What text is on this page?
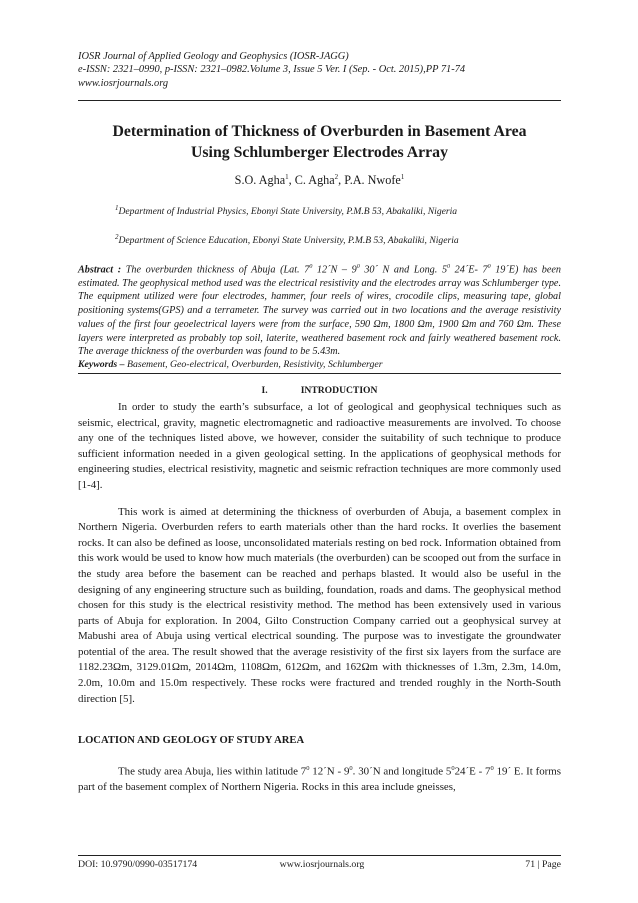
IOSR Journal of Applied Geology and Geophysics (IOSR-JAGG)
e-ISSN: 2321–0990, p-ISSN: 2321–0982.Volume 3, Issue 5 Ver. I (Sep. - Oct. 2015),PP 71-74
www.iosrjournals.org
Determination of Thickness of Overburden in Basement Area
Using Schlumberger Electrodes Array
S.O. Agha$^1$, C. Agha$^2$, P.A. Nwofe$^1$
$^1$Department of Industrial Physics, Ebonyi State University, P.M.B 53, Abakaliki, Nigeria
$^2$Department of Science Education, Ebonyi State University, P.M.B 53, Abakaliki, Nigeria
Abstract : The overburden thickness of Abuja (Lat. $7^0$ 12´N – $9^0$ 30´ N and Long. $5^0$ 24´E- $7^0$ 19´E) has been estimated. The geophysical method used was the electrical resistivity and the electrodes array was Schlumberger type. The equipment utilized were four electrodes, hammer, four reels of wires, crocodile clips, measuring tape, global positioning systems(GPS) and a terrameter. The survey was carried out in two locations and the average resistivity values of the first four geoelectrical layers were from the surface, 590 Ωm, 1800 Ωm, 1900 Ωm and 760 Ωm. These layers were interpreted as probably top soil, laterite, weathered basement rock and fairly weathered basement rock. The average thickness of the overburden was found to be 5.43m.
Keywords – Basement, Geo-electrical, Overburden, Resistivity, Schlumberger
I.	INTRODUCTION

In order to study the earth’s subsurface, a lot of geological and geophysical techniques such as seismic, electrical, gravity, magnetic electromagnetic and radioactive measurements are involved. To choose any one of the techniques listed above, we however, consider the suitability of such technique to produce sufficient information needed in a given geological setting. In the applications of geophysical methods for engineering studies, electrical resistivity, magnetic and seismic refraction techniques are more commonly used [1-4].

This work is aimed at determining the thickness of overburden of Abuja, a basement complex in Northern Nigeria. Overburden refers to earth materials other than the hard rocks. It overlies the basement rocks. It can also be defined as loose, unconsolidated materials resting on bed rock. Information obtained from this work would be used to know how much materials (the overburden) can be scooped out from the surface in the study area before the basement can be reached and perhaps blasted. It would also be useful in the designing of any engineering structure such as building, foundation, roads and dams. The geophysical method chosen for this study is the electrical resistivity method. The method has been extensively used in various parts of Abuja for exploration. In 2004, Gilto Construction Company carried out a geophysical survey at Mabushi area of Abuja using vertical electrical sounding. The purpose was to investigate the groundwater potential of the area. The result showed that the average resistivity of the first six layers from the surface are 1182.23Ωm, 3129.01Ωm, 2014Ωm, 1108Ωm, 612Ωm, and 162Ωm with thicknesses of 1.3m, 2.3m, 14.0m, 2.0m, 10.0m and 15.0m respectively. These rocks were fractured and trended roughly in the North-South direction [5].

LOCATION AND GEOLOGY OF STUDY AREA

The study area Abuja, lies within latitude $7^0$ 12´N - $9^0$. 30´N and longitude $5^024´E - 7^0$ 19´ E. It forms part of the basement complex of Northern Nigeria. Rocks in this area include gneisses,

DOI: 10.9790/0990-03517174	www.iosrjournals.org	71 | Page
